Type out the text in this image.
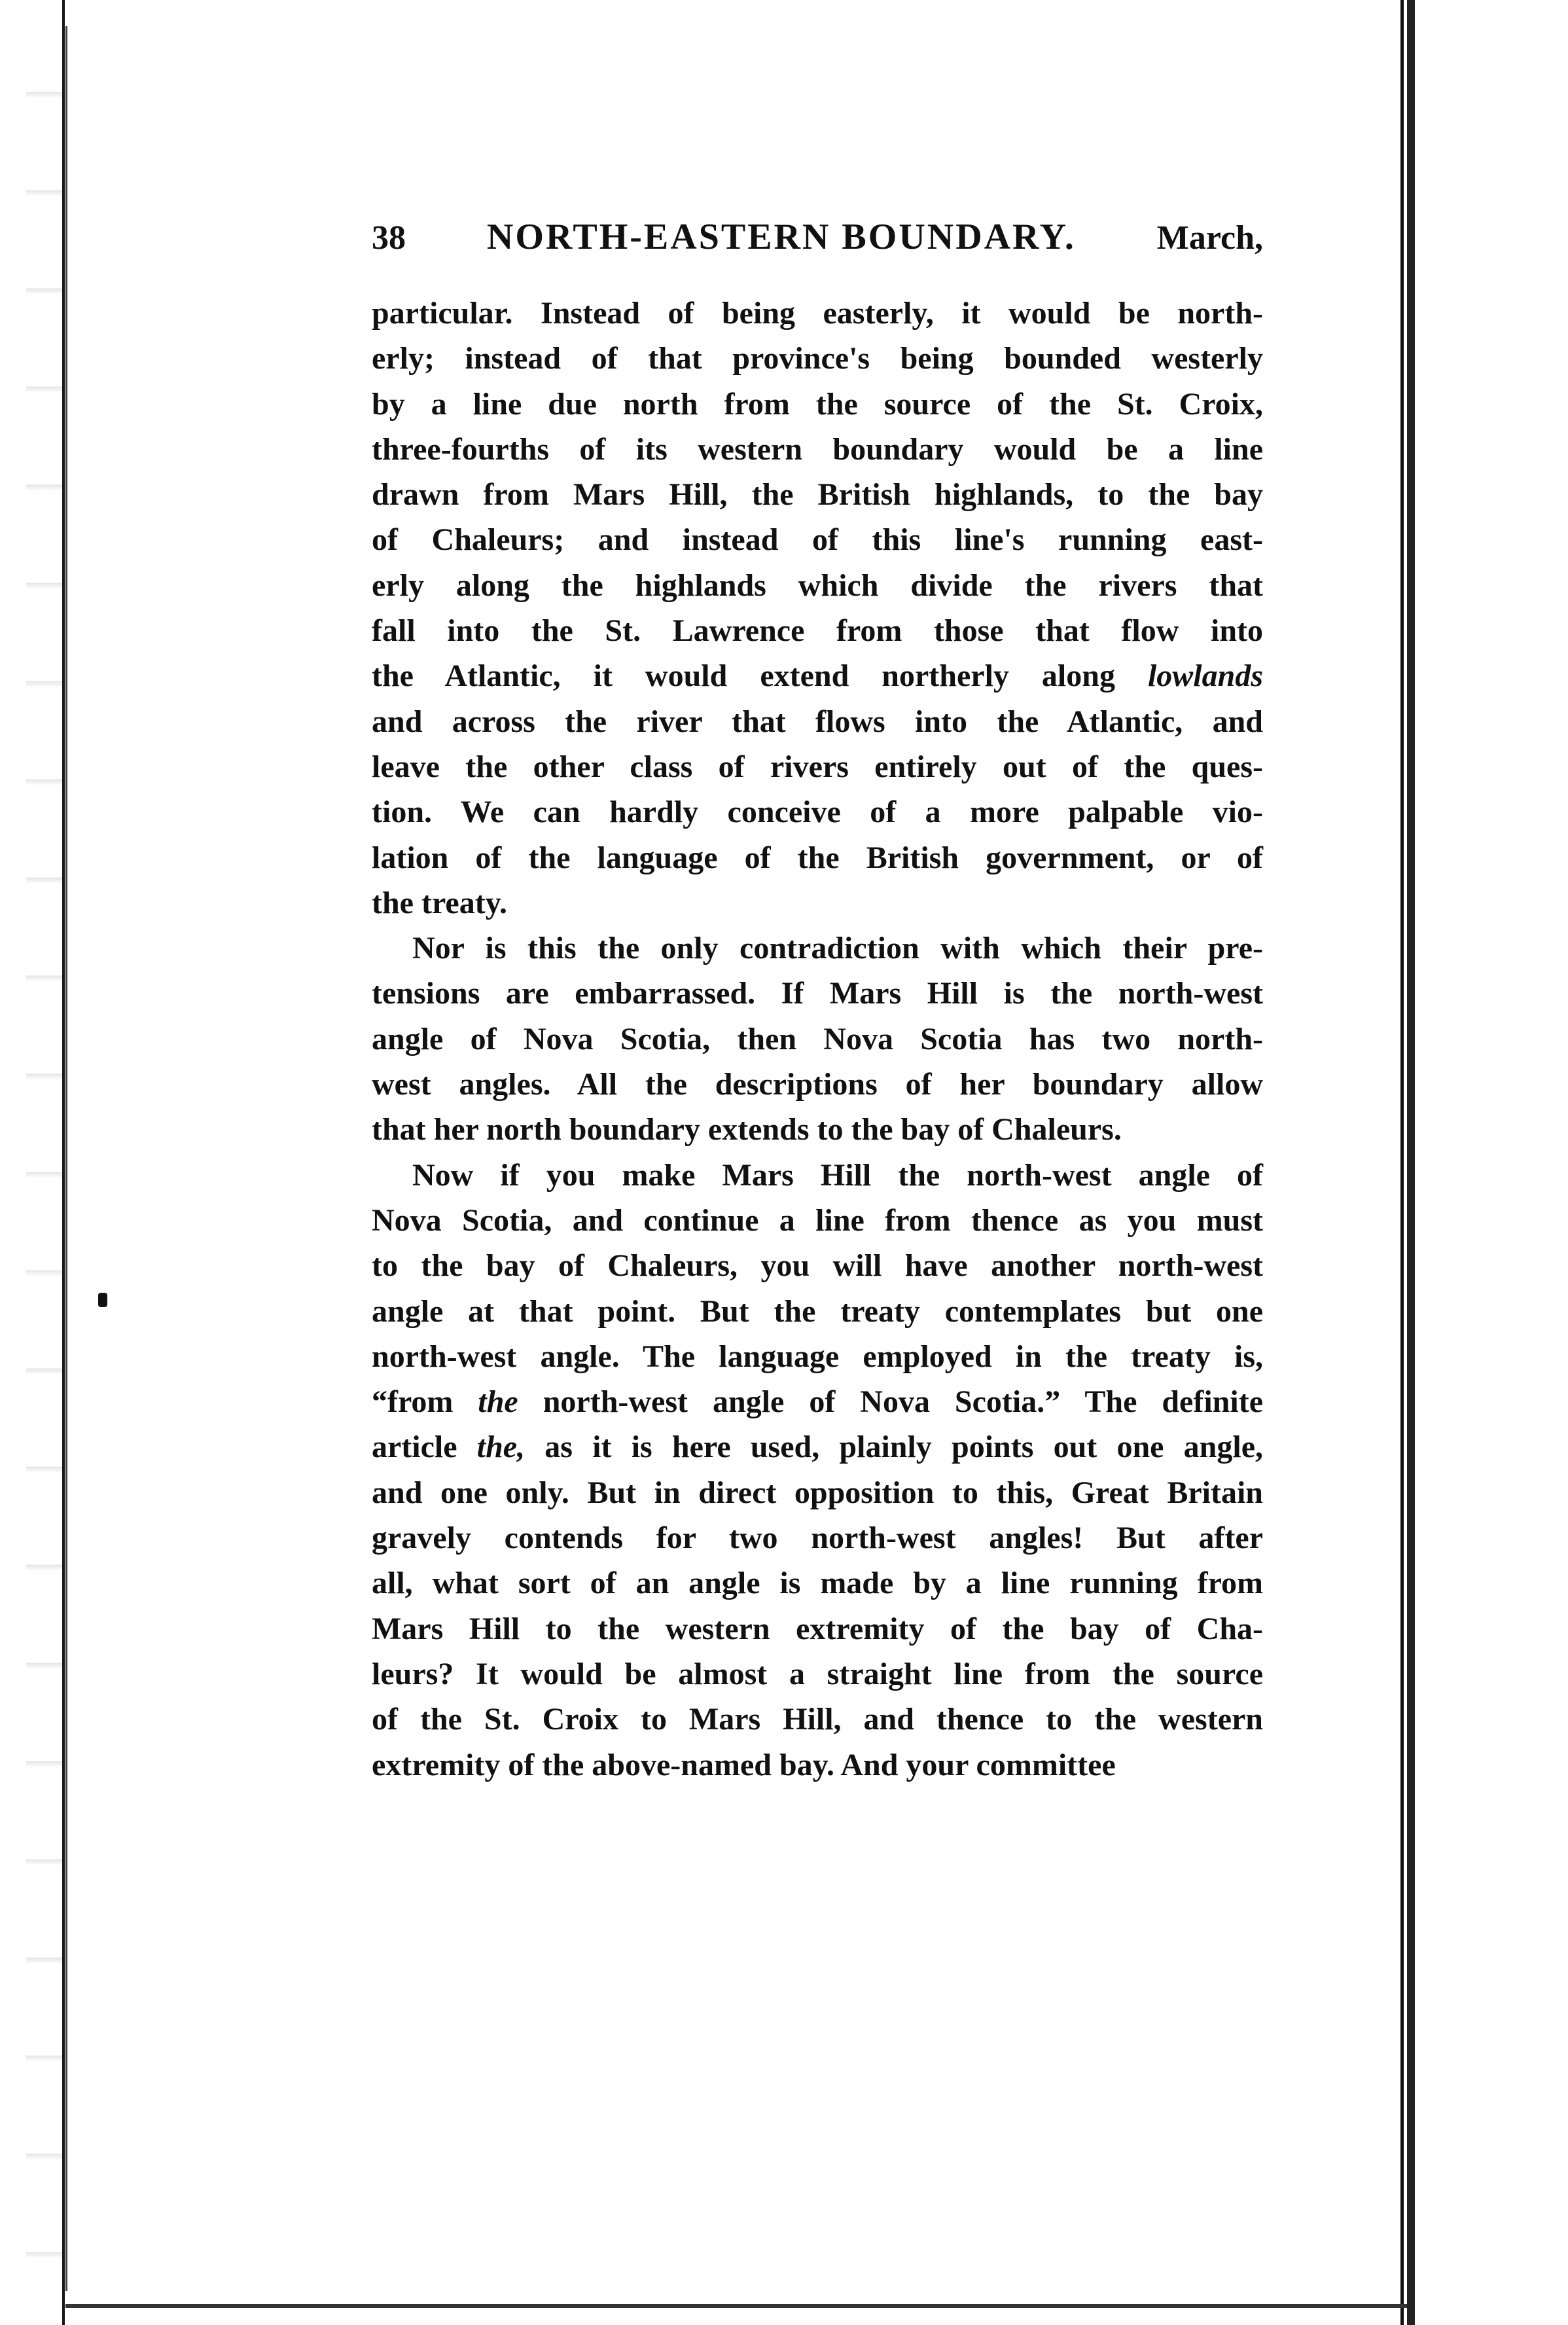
38 NORTH-EASTERN BOUNDARY. March,
particular. Instead of being easterly, it would be north-
erly; instead of that province's being bounded westerly
by a line due north from the source of the St. Croix,
three-fourths of its western boundary would be a line
drawn from Mars Hill, the British highlands, to the bay
of Chaleurs; and instead of this line's running east-
erly along the highlands which divide the rivers that
fall into the St. Lawrence from those that flow into
the Atlantic, it would extend northerly along lowlands
and across the river that flows into the Atlantic, and
leave the other class of rivers entirely out of the ques-
tion. We can hardly conceive of a more palpable vio-
lation of the language of the British government, or of
the treaty.
Nor is this the only contradiction with which their pre-
tensions are embarrassed. If Mars Hill is the north-west
angle of Nova Scotia, then Nova Scotia has two north-
west angles. All the descriptions of her boundary allow
that her north boundary extends to the bay of Chaleurs.
Now if you make Mars Hill the north-west angle of
Nova Scotia, and continue a line from thence as you must
to the bay of Chaleurs, you will have another north-west
angle at that point. But the treaty contemplates but one
north-west angle. The language employed in the treaty is,
“from the north-west angle of Nova Scotia.” The definite
article the, as it is here used, plainly points out one angle,
and one only. But in direct opposition to this, Great Britain
gravely contends for two north-west angles! But after
all, what sort of an angle is made by a line running from
Mars Hill to the western extremity of the bay of Cha-
leurs? It would be almost a straight line from the source
of the St. Croix to Mars Hill, and thence to the western
extremity of the above-named bay. And your committee
